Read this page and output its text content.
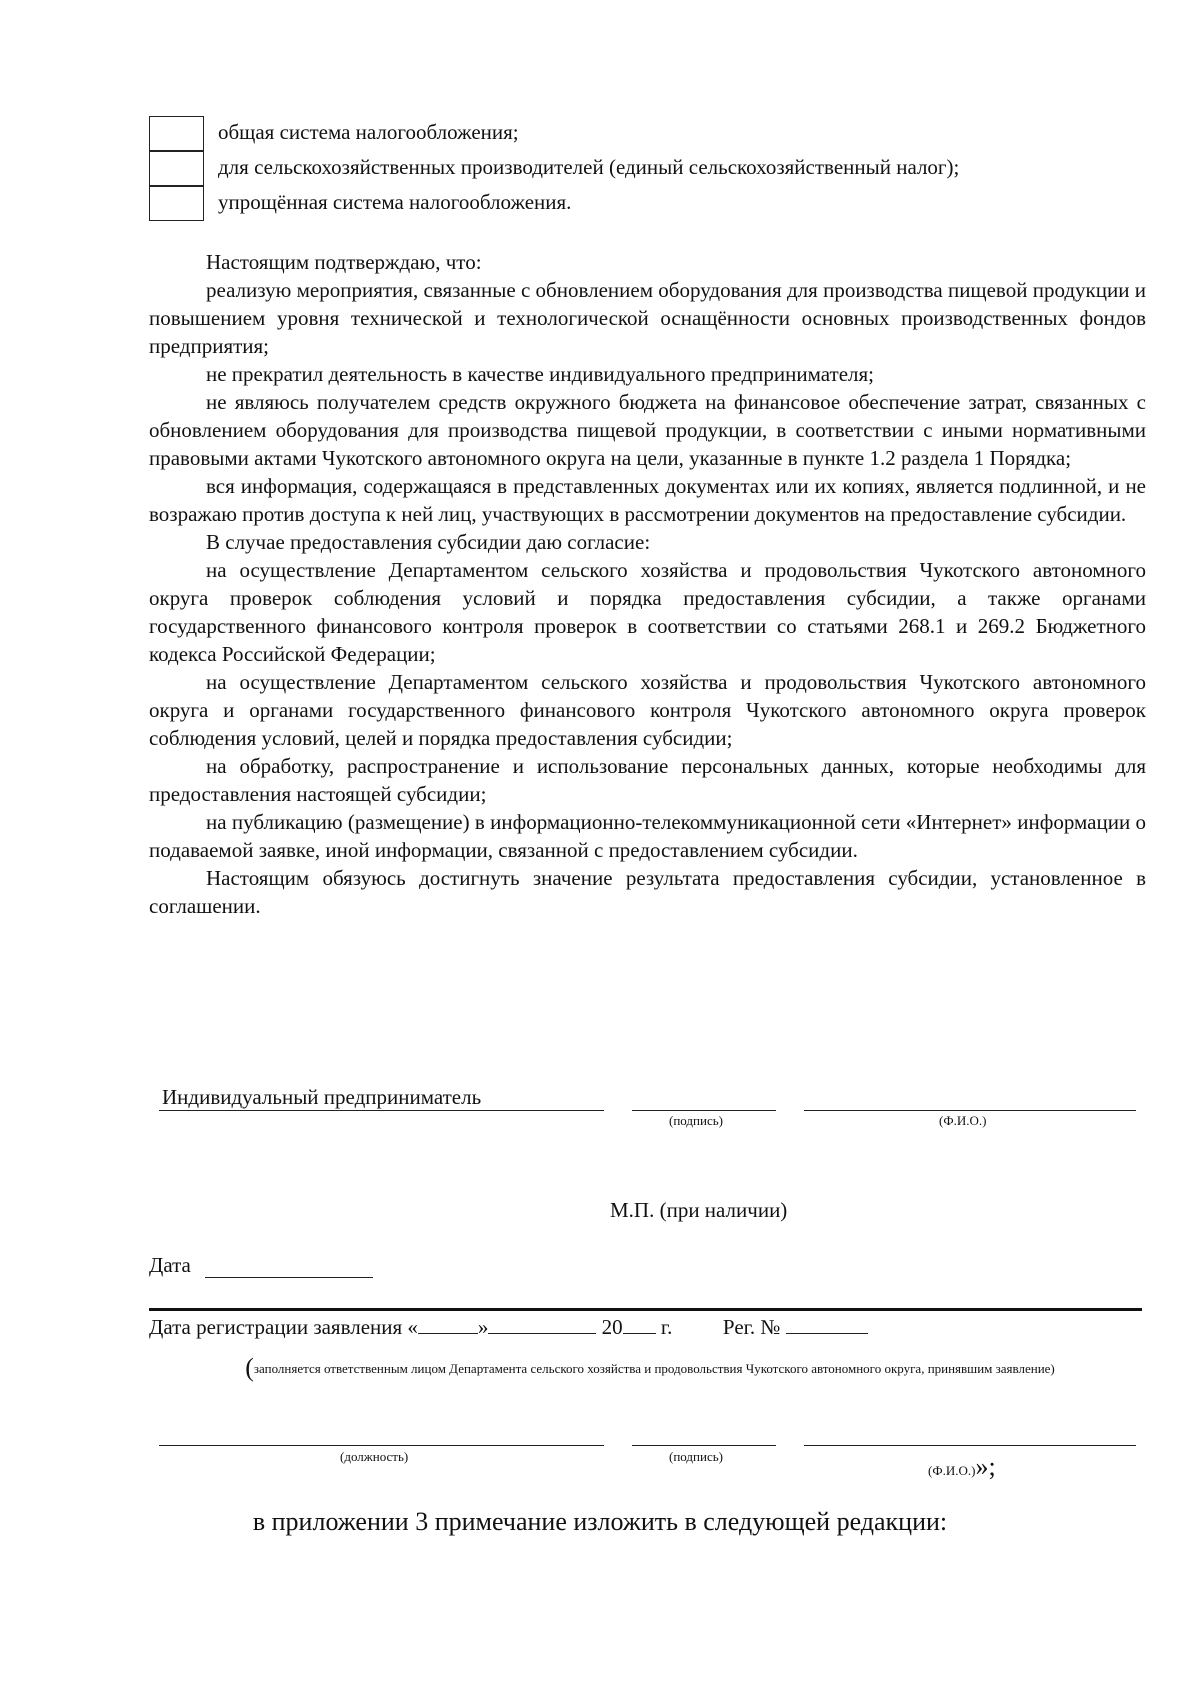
общая система налогообложения;
для сельскохозяйственных производителей (единый сельскохозяйственный налог);
упрощённая система налогообложения.

Настоящим подтверждаю, что:

реализую мероприятия, связанные с обновлением оборудования для производства пищевой продукции и повышением уровня технической и технологической оснащённости основных производственных фондов предприятия;

не прекратил деятельность в качестве индивидуального предпринимателя;

не являюсь получателем средств окружного бюджета на финансовое обеспечение затрат, связанных с обновлением оборудования для производства пищевой продукции, в соответствии с иными нормативными правовыми актами Чукотского автономного округа на цели, указанные в пункте 1.2 раздела 1 Порядка;

вся информация, содержащаяся в представленных документах или их копиях, является подлинной, и не возражаю против доступа к ней лиц, участвующих в рассмотрении документов на предоставление субсидии.

В случае предоставления субсидии даю согласие:

на осуществление Департаментом сельского хозяйства и продовольствия Чукотского автономного округа проверок соблюдения условий и порядка предоставления субсидии, а также органами государственного финансового контроля проверок в соответствии со статьями 268.1 и 269.2 Бюджетного кодекса Российской Федерации;

на осуществление Департаментом сельского хозяйства и продовольствия Чукотского автономного округа и органами государственного финансового контроля Чукотского автономного округа проверок соблюдения условий, целей и порядка предоставления субсидии;

на обработку, распространение и использование персональных данных, которые необходимы для предоставления настоящей субсидии;

на публикацию (размещение) в информационно-телекоммуникационной сети «Интернет» информации о подаваемой заявке, иной информации, связанной с предоставлением субсидии.

Настоящим обязуюсь достигнуть значение результата предоставления субсидии, установленное в соглашении.

Индивидуальный предприниматель
(подпись)	(Ф.И.О.)
М.П. (при наличии)
Дата
Дата регистрации заявления «	»	20 г. Рег. №
(заполняется ответственным лицом Департамента сельского хозяйства и продовольствия Чукотского автономного округа, принявшим заявление)
(должность)	(подпись)
(Ф.И.О.)»;
в приложении 3 примечание изложить в следующей редакции:
